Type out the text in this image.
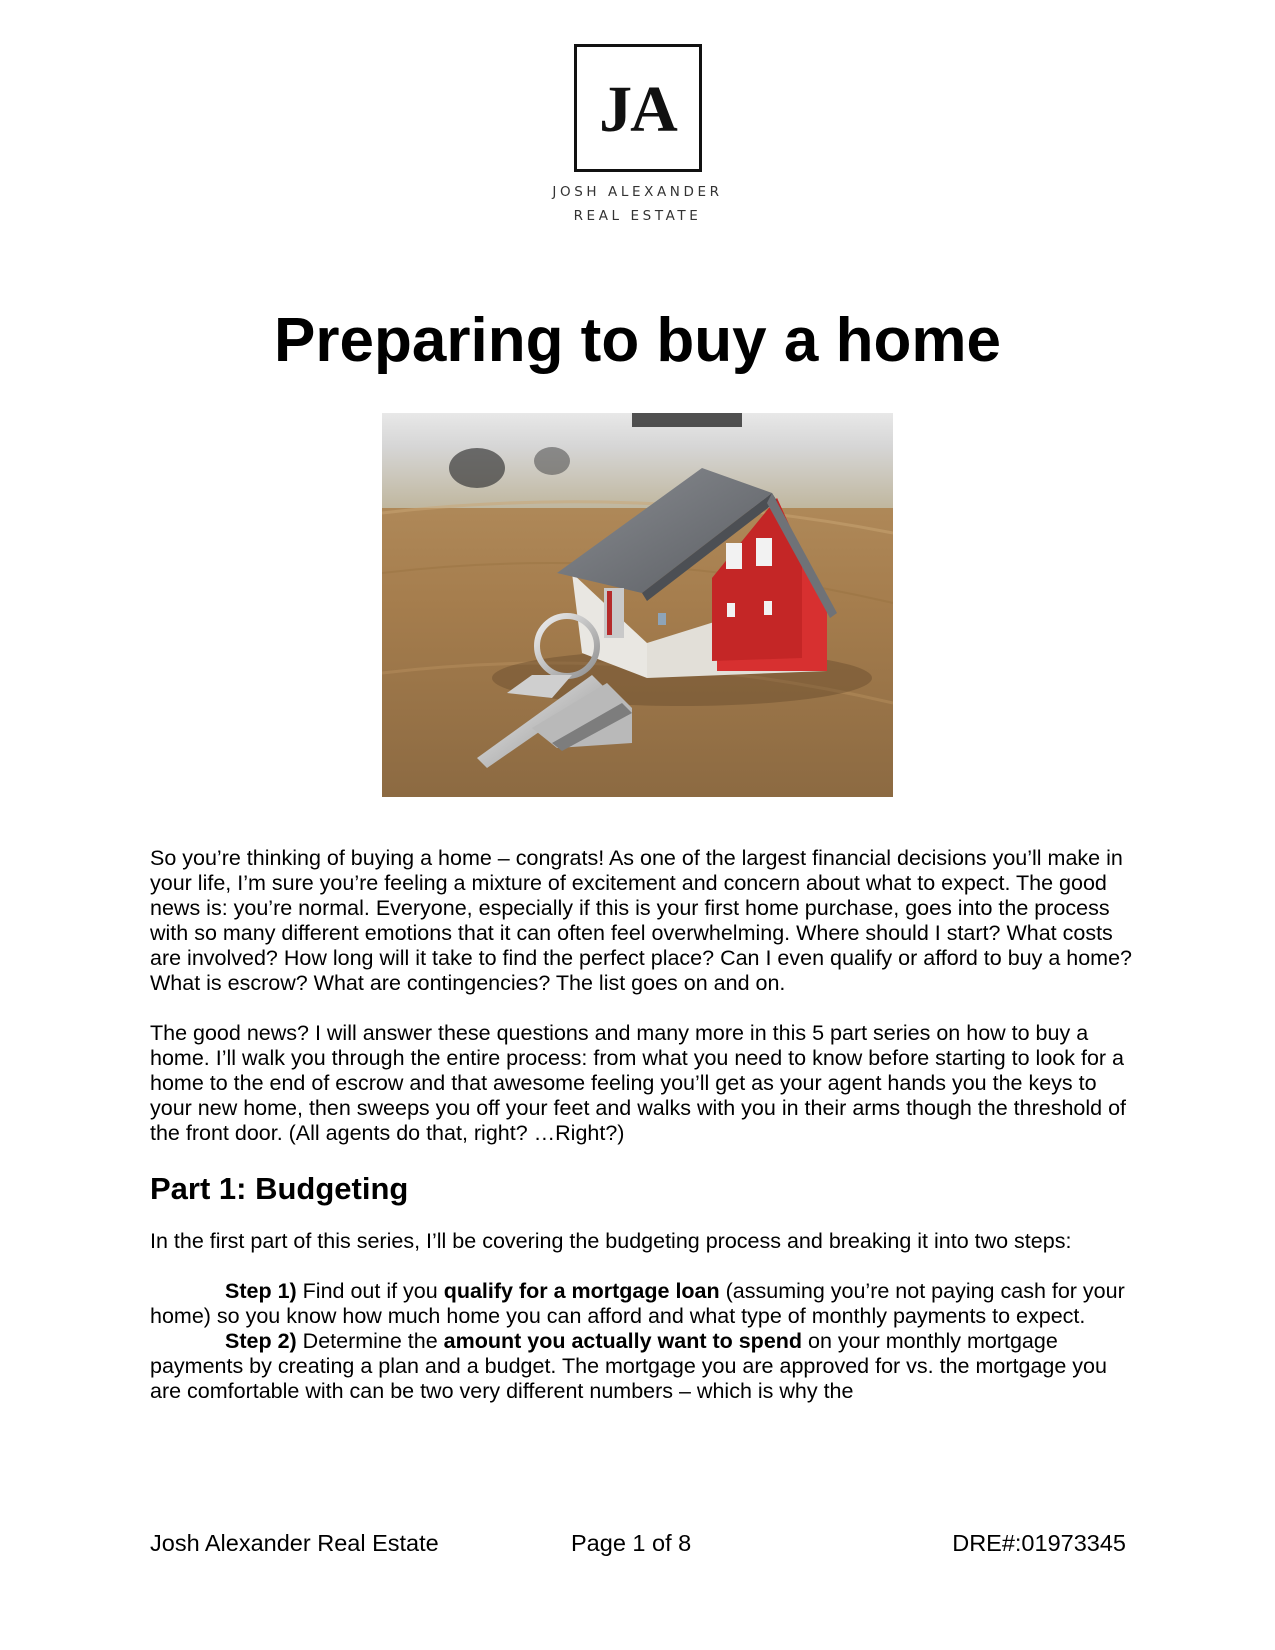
JA
JOSH ALEXANDER
REAL ESTATE
Preparing to buy a home

So you’re thinking of buying a home – congrats! As one of the largest financial decisions you’ll make in your life, I’m sure you’re feeling a mixture of excitement and concern about what to expect. The good news is: you’re normal. Everyone, especially if this is your first home purchase, goes into the process with so many different emotions that it can often feel overwhelming. Where should I start? What costs are involved? How long will it take to find the perfect place? Can I even qualify or afford to buy a home? What is escrow? What are contingencies? The list goes on and on.

The good news? I will answer these questions and many more in this 5 part series on how to buy a home. I’ll walk you through the entire process: from what you need to know before starting to look for a home to the end of escrow and that awesome feeling you’ll get as your agent hands you the keys to your new home, then sweeps you off your feet and walks with you in their arms though the threshold of the front door. (All agents do that, right? …Right?)

Part 1: Budgeting

In the first part of this series, I’ll be covering the budgeting process and breaking it into two steps:

Step 1) Find out if you qualify for a mortgage loan (assuming you’re not paying cash for your home) so you know how much home you can afford and what type of monthly payments to expect.
Step 2) Determine the amount you actually want to spend on your monthly mortgage payments by creating a plan and a budget. The mortgage you are approved for vs. the mortgage you are comfortable with can be two very different numbers – which is why the
Josh Alexander Real Estate	Page 1 of 8	DRE#:01973345
